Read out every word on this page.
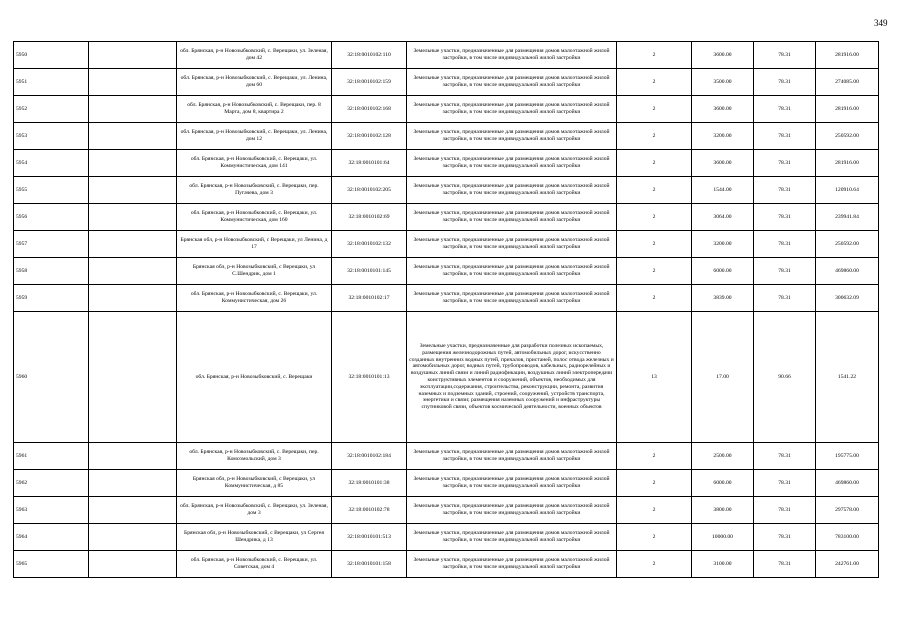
349
5950		обл. Брянская, р-н Новозыбковский, с. Верещаки, ул. Зеленая, дом 42	32:18:0010102:110	Земельные участки, предназначенные для размещения домов малоэтажной жилой застройки, в том числе индивидуальной жилой застройки	2	3600.00	78.31	281916.00
5951		обл. Брянская, р-н Новозыбковский, с. Верещаки, ул. Ленина, дом 60	32:18:0010102:159	Земельные участки, предназначенные для размещения домов малоэтажной жилой застройки, в том числе индивидуальной жилой застройки	2	3500.00	78.31	274085.00
5952		обл. Брянская, р-н Новозыбковский, с. Верещаки, пер. 8 Марта, дом 8, квартира 2	32:18:0010102:168	Земельные участки, предназначенные для размещения домов малоэтажной жилой застройки, в том числе индивидуальной жилой застройки	2	3600.00	78.31	281916.00
5953		обл. Брянская, р-н Новозыбковский, с. Верещаки, ул. Ленина, дом 12	32:18:0010102:128	Земельные участки, предназначенные для размещения домов малоэтажной жилой застройки, в том числе индивидуальной жилой застройки	2	3200.00	78.31	250592.00
5954		обл. Брянская, р-н Новозыбковский, с. Верещаки, ул. Коммунистическая, дом 141	32:18:0010101:64	Земельные участки, предназначенные для размещения домов малоэтажной жилой застройки, в том числе индивидуальной жилой застройки	2	3600.00	78.31	281916.00
5955		обл. Брянская, р-н Новозыбковский, с. Верещаки, пер. Пугачева, дом 3	32:18:0010102:205	Земельные участки, предназначенные для размещения домов малоэтажной жилой застройки, в том числе индивидуальной жилой застройки	2	1544.00	78.31	120910.64
5956		обл. Брянская, р-н Новозыбковский, с. Верещаки, ул. Коммунистическая, дом 160	32:18:0010102:69	Земельные участки, предназначенные для размещения домов малоэтажной жилой застройки, в том числе индивидуальной жилой застройки	2	3064.00	78.31	239941.84
5957		Брянская обл, р-н Новозыбковский, с Верещаки, ул Ленина, д 17	32:18:0010102:132	Земельные участки, предназначенные для размещения домов малоэтажной жилой застройки, в том числе индивидуальной жилой застройки	2	3200.00	78.31	250592.00
5958		Брянская обл, р-н Новозыбковский, с Верещаки, ул С.Шендрик, дом 1	32:18:0010101:145	Земельные участки, предназначенные для размещения домов малоэтажной жилой застройки, в том числе индивидуальной жилой застройки	2	6000.00	78.31	469860.00
5959		обл. Брянская, р-н Новозыбковский, с. Верещаки, ул. Коммунистическая, дом 26	32:18:0010102:17	Земельные участки, предназначенные для размещения домов малоэтажной жилой застройки, в том числе индивидуальной жилой застройки	2	3839.00	78.31	300632.09
5960		обл. Брянская, р-н Новозыбковский, с. Верещаки	32:18:0010101:13	Земельные участки, предназначенные для разработки полезных ископаемых, размещения железнодорожных путей, автомобильных дорог, искусственно созданных внутренних водных путей, причалов, пристаней, полос отвода железных и автомобильных дорог, водных путей, трубопроводов, кабельных, радиорелейных и воздушных линий связи и линий радиофикации, воздушных линий электропередачи конструктивных элементов и сооружений, объектов, необходимых для эксплуатации,содержания, строительства, реконструкции, ремонта, развития наземных и подземных зданий, строений, сооружений, устройств транспорта, энергетики и связи; размещения наземных сооружений и инфраструктуры спутниковой связи, объектов космической деятельности, военных объектов	13	17.00	90.66	1541.22
5961		обл. Брянская, р-н Новозыбковский, с. Верещаки, пер. Комсомольский, дом 3	32:18:0010102:184	Земельные участки, предназначенные для размещения домов малоэтажной жилой застройки, в том числе индивидуальной жилой застройки	2	2500.00	78.31	195775.00
5962		Брянская обл, р-н Новозыбковский, с Верещаки, ул Коммунистическая, д 85	32:18:0010101:38	Земельные участки, предназначенные для размещения домов малоэтажной жилой застройки, в том числе индивидуальной жилой застройки	2	6000.00	78.31	469860.00
5963		обл. Брянская, р-н Новозыбковский, с. Верещаки, ул. Зеленая, дом 3	32:18:0010102:78	Земельные участки, предназначенные для размещения домов малоэтажной жилой застройки, в том числе индивидуальной жилой застройки	2	3800.00	78.31	297578.00
5964		Брянская обл, р-н Новозыбковский, с Верещаки, ул Сергея Шендрика, д 13	32:18:0010101:513	Земельные участки, предназначенные для размещения домов малоэтажной жилой застройки, в том числе индивидуальной жилой застройки	2	10000.00	78.31	783100.00
5965		обл. Брянская, р-н Новозыбковский, с. Верещаки, ул. Советская, дом 4	32:18:0010101:158	Земельные участки, предназначенные для размещения домов малоэтажной жилой застройки, в том числе индивидуальной жилой застройки	2	3100.00	78.31	242761.00
